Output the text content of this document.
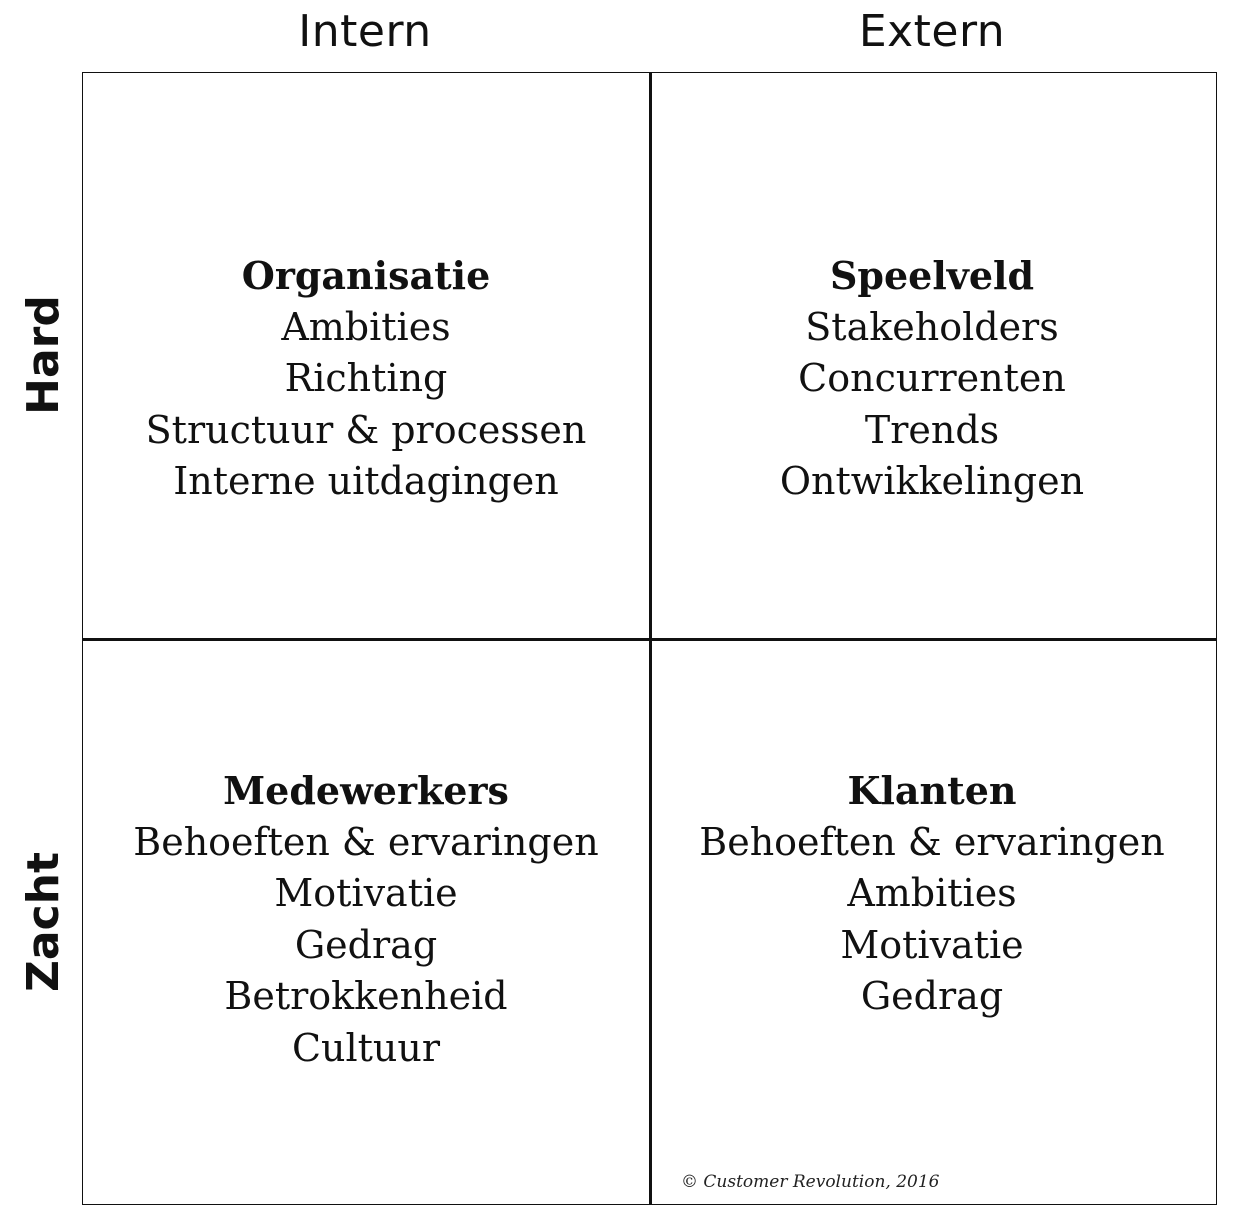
Intern	Extern
Hard
Zacht
Organisatie
Ambities
Richting
Structuur & processen
Interne uitdagingen
Speelveld
Stakeholders
Concurrenten
Trends
Ontwikkelingen
Medewerkers
Behoeften & ervaringen
Motivatie
Gedrag
Betrokkenheid
Cultuur
Klanten
Behoeften & ervaringen
Ambities
Motivatie
Gedrag
© Customer Revolution, 2016
